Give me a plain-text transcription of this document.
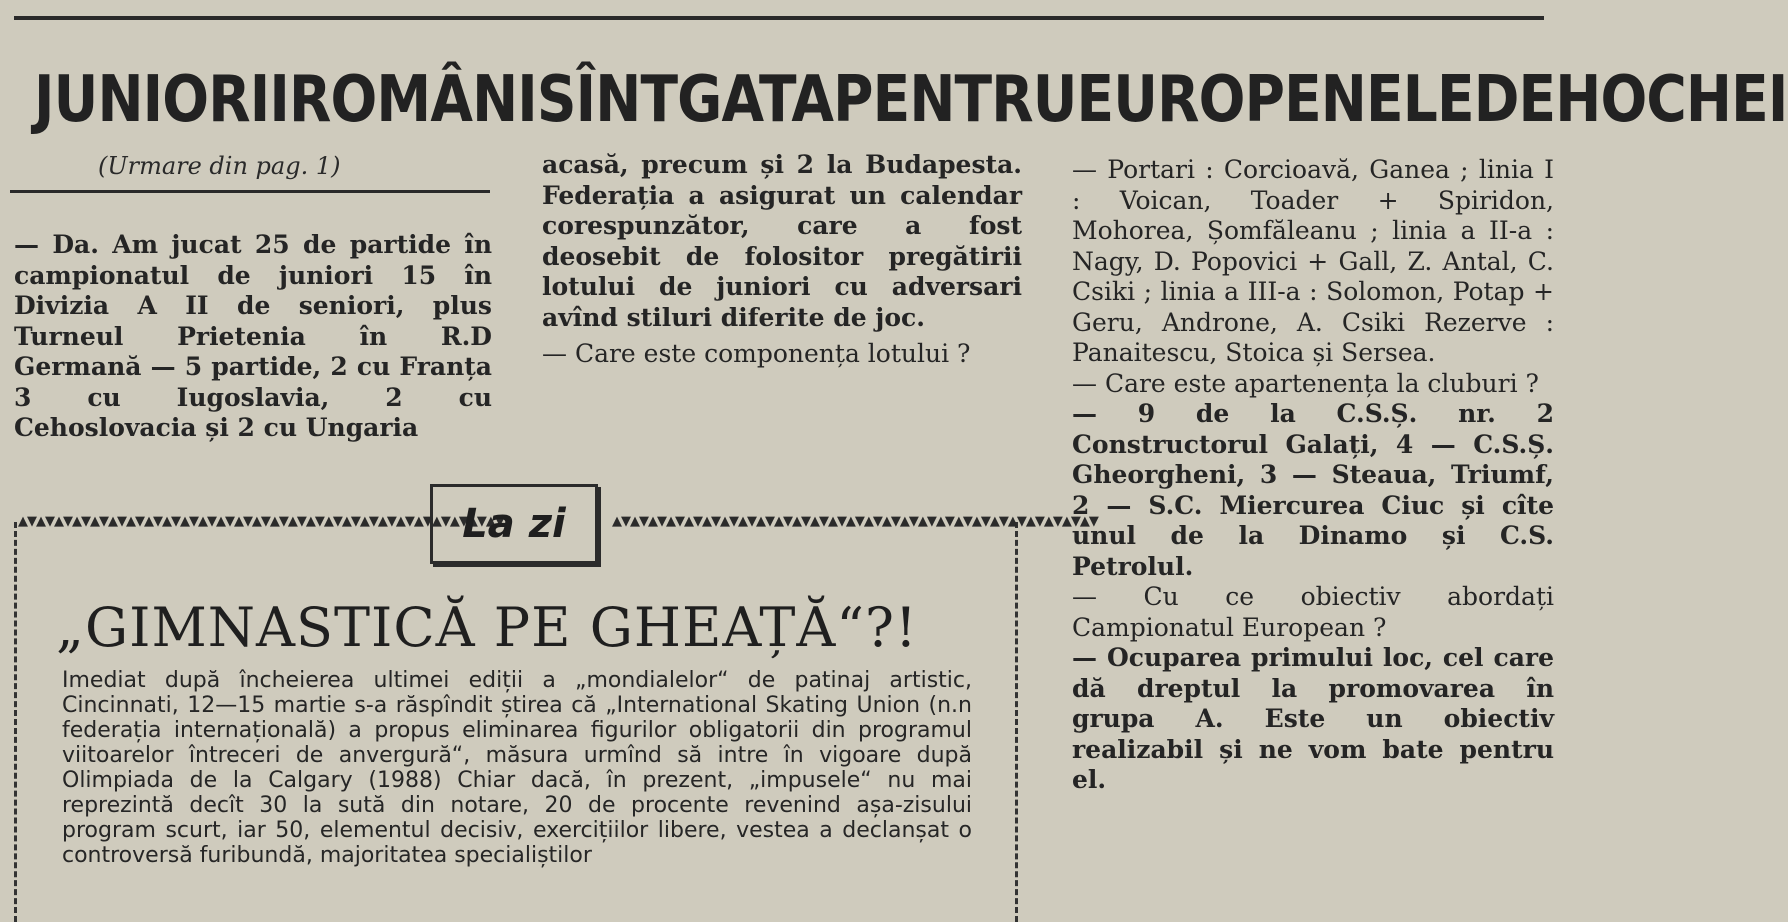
JUNIORII ROMÂNI SÎNT GATA PENTRU EUROPENELE DE HOCHEI
(Urmare din pag. 1)

— Da. Am jucat 25 de partide în campionatul de juniori 15 în Divizia A II de seniori, plus Turneul Prietenia în R.D Germană — 5 partide, 2 cu Franța 3 cu Iugoslavia, 2 cu Cehoslovacia și 2 cu Ungaria

acasă, precum și 2 la Budapesta. Federația a asigurat un calendar corespunzător, care a fost deosebit de folositor pregătirii lotului de juniori cu adversari avînd stiluri diferite de joc.

— Care este componența lotului ?

— Portari : Corcioavă, Ganea ; linia I : Voican, Toader + Spiridon, Mohorea, Șomfăleanu ; linia a II-a : Nagy, D. Popovici + Gall, Z. Antal, C. Csiki ; linia a III-a : Solomon, Potap + Geru, Androne, A. Csiki Rezerve : Panaitescu, Stoica și Sersea.

— Care este apartenența la cluburi ?

— 9 de la C.S.Ș. nr. 2 Constructorul Galați, 4 — C.S.Ș. Gheorgheni, 3 — Steaua, Triumf, 2 — S.C. Miercurea Ciuc și cîte unul de la Dinamo și C.S. Petrolul.

— Cu ce obiectiv abordați Campionatul European ?

— Ocuparea primului loc, cel care dă dreptul la promovarea în grupa A. Este un obiectiv realizabil și ne vom bate pentru el.

▲▼▲▼▲▼▲▼▲▼▲▼▲▼▲▼▲▼▲▼▲▼▲▼▲▼▲▼▲▼▲▼▲▼▲▼▲▼▲▼▲▼▲▼▲▼▲▼▲▼▲▼▲▼	▲▼▲▼▲▼▲▼▲▼▲▼▲▼▲▼▲▼▲▼▲▼▲▼▲▼▲▼▲▼▲▼▲▼▲▼▲▼▲▼▲▼▲▼▲▼▲▼▲▼▲▼▲▼
La zi
„GIMNASTICĂ PE GHEAȚĂ“?!

Imediat după încheierea ultimei ediții a „mondialelor“ de patinaj artistic, Cincinnati, 12—15 martie s-a răspîndit știrea că „International Skating Union (n.n federația internațională) a propus eliminarea figurilor obligatorii din programul viitoarelor întreceri de anvergură“, măsura urmînd să intre în vigoare după Olimpiada de la Calgary (1988) Chiar dacă, în prezent, „impusele“ nu mai reprezintă decît 30 la sută din notare, 20 de procente revenind așa-zisului program scurt, iar 50, elementul decisiv, exercițiilor libere, vestea a declanșat o controversă furibundă, majoritatea specialiștilor
